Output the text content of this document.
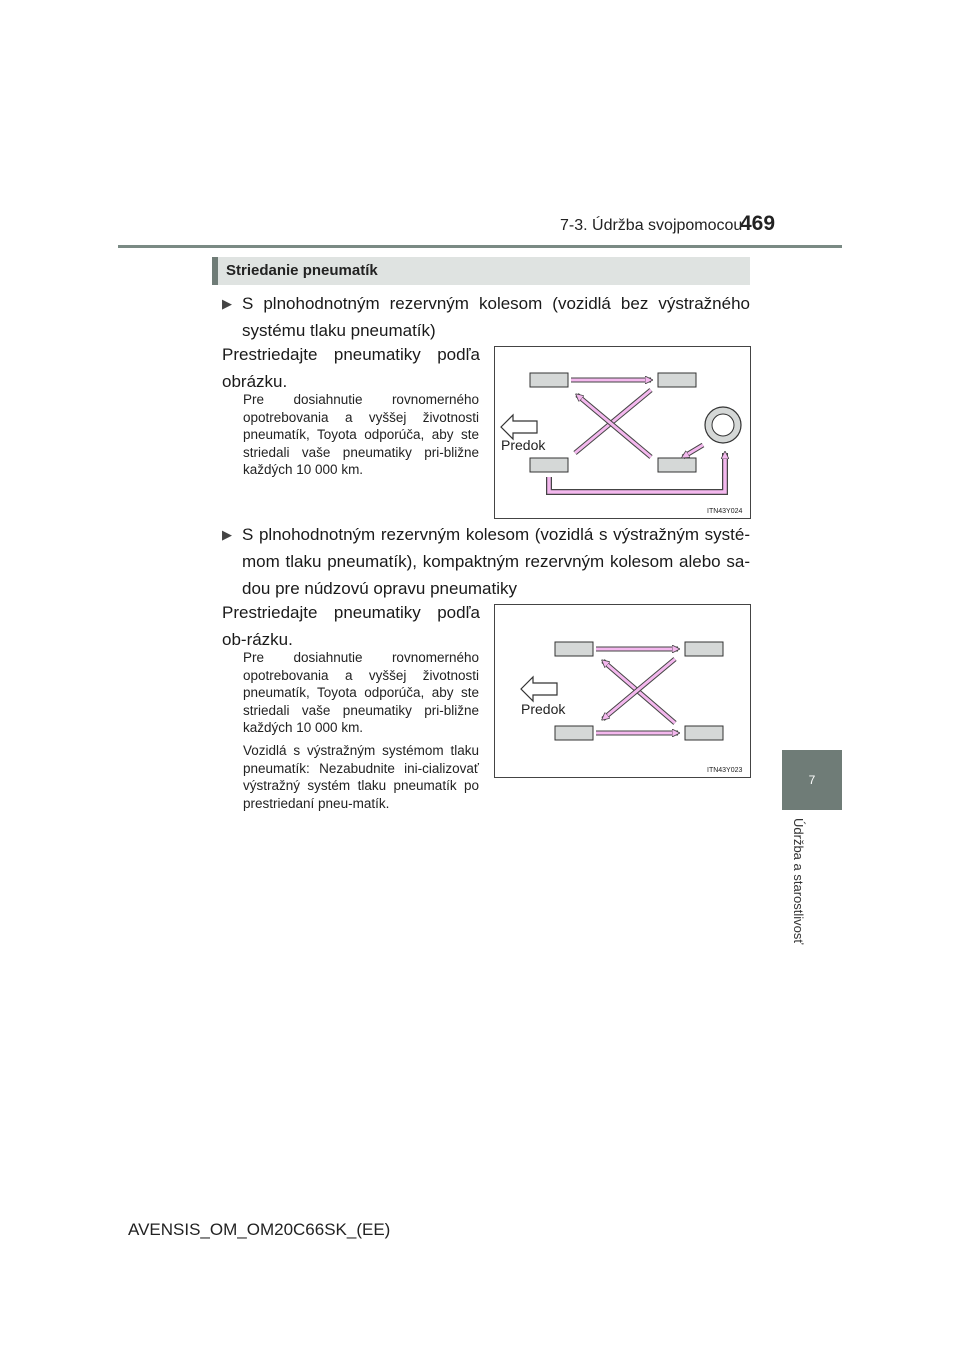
7-3. Údržba svojpomocou
469
7
Údržba a starostlivosť
Striedanie pneumatík
▶ S plnohodnotným rezervným kolesom (vozidlá bez výstražného systému tlaku pneumatík)
Prestriedajte pneumatiky podľa obrázku.
Pre dosiahnutie rovnomerného opotrebovania a vyššej životnosti pneumatík, Toyota odporúča, aby ste striedali vaše pneumatiky pri-bližne každých 10 000 km.
Predok
ITN43Y024
▶ S plnohodnotným rezervným kolesom (vozidlá s výstražným systé-mom tlaku pneumatík), kompaktným rezervným kolesom alebo sa-dou pre núdzovú opravu pneumatiky
Prestriedajte pneumatiky podľa ob-rázku.
Pre dosiahnutie rovnomerného opotrebovania a vyššej životnosti pneumatík, Toyota odporúča, aby ste striedali vaše pneumatiky pri-bližne každých 10 000 km.
Vozidlá s výstražným systémom tlaku pneumatík: Nezabudnite ini-cializovať výstražný systém tlaku pneumatík po prestriedaní pneu-matík.
Predok
ITN43Y023
AVENSIS_OM_OM20C66SK_(EE)
